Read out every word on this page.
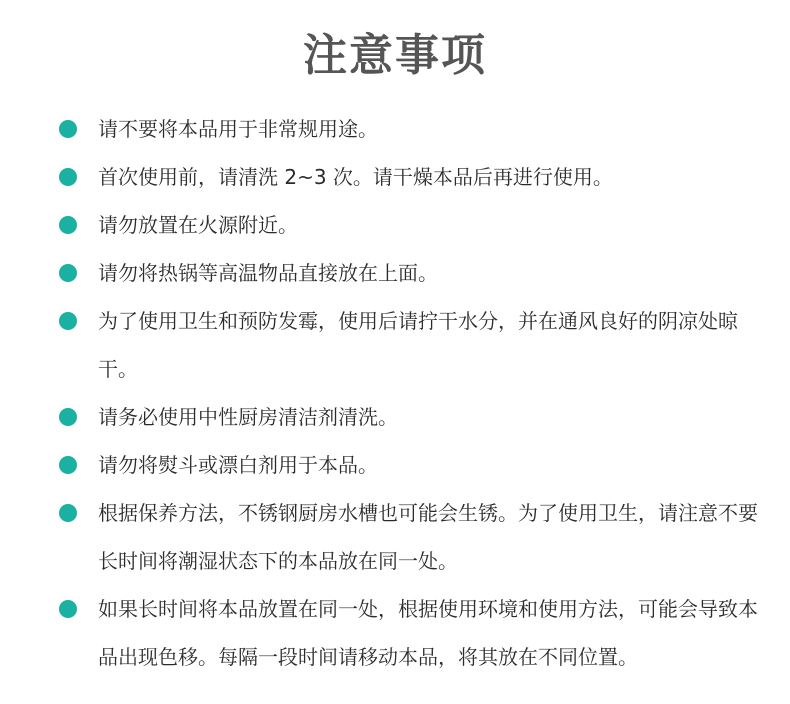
注意事项
请不要将本品用于非常规用途。
首次使用前，请清洗 2~3 次。请干燥本品后再进行使用。
请勿放置在火源附近。
请勿将热锅等高温物品直接放在上面。
为了使用卫生和预防发霉，使用后请拧干水分，并在通风良好的阴凉处晾干。
请务必使用中性厨房清洁剂清洗。
请勿将熨斗或漂白剂用于本品。
根据保养方法，不锈钢厨房水槽也可能会生锈。为了使用卫生，请注意不要长时间将潮湿状态下的本品放在同一处。
如果长时间将本品放置在同一处，根据使用环境和使用方法，可能会导致本品出现色移。每隔一段时间请移动本品，将其放在不同位置。
